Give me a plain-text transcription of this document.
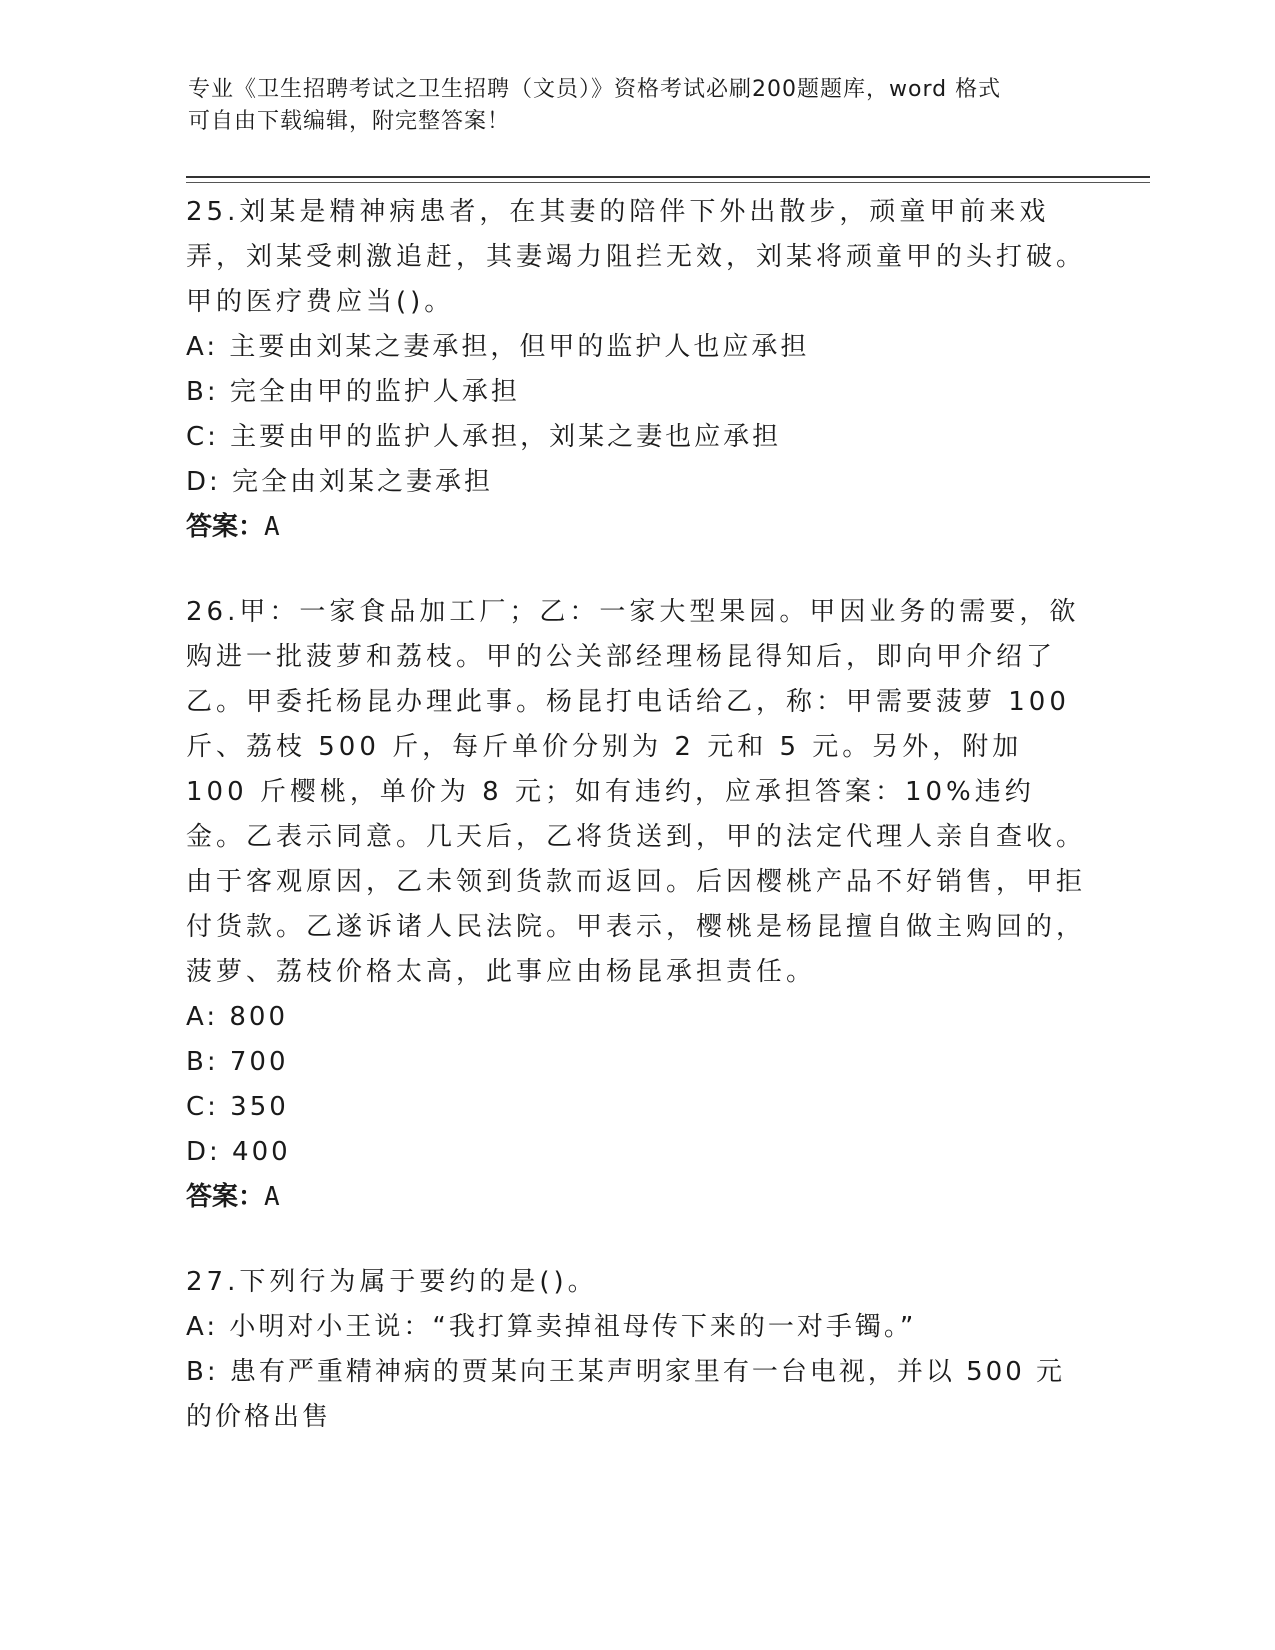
专业《卫生招聘考试之卫生招聘（文员）》资格考试必刷200题题库，word 格式
可自由下载编辑，附完整答案！

25.刘某是精神病患者，在其妻的陪伴下外出散步，顽童甲前来戏弄，刘某受刺激追赶，其妻竭力阻拦无效，刘某将顽童甲的头打破。甲的医疗费应当()。

A: 主要由刘某之妻承担，但甲的监护人也应承担

B: 完全由甲的监护人承担

C: 主要由甲的监护人承担，刘某之妻也应承担

D: 完全由刘某之妻承担

答案：A

26.甲：一家食品加工厂；乙：一家大型果园。甲因业务的需要，欲购进一批菠萝和荔枝。甲的公关部经理杨昆得知后，即向甲介绍了乙。甲委托杨昆办理此事。杨昆打电话给乙，称：甲需要菠萝 100 斤、荔枝 500 斤，每斤单价分别为 2 元和 5 元。另外，附加 100 斤樱桃，单价为 8 元；如有违约，应承担答案：10%违约金。乙表示同意。几天后，乙将货送到，甲的法定代理人亲自查收。由于客观原因，乙未领到货款而返回。后因樱桃产品不好销售，甲拒付货款。乙遂诉诸人民法院。甲表示，樱桃是杨昆擅自做主购回的，菠萝、荔枝价格太高，此事应由杨昆承担责任。

A: 800

B: 700

C: 350

D: 400

答案：A

27.下列行为属于要约的是()。

A: 小明对小王说：“我打算卖掉祖母传下来的一对手镯。”

B: 患有严重精神病的贾某向王某声明家里有一台电视，并以 500 元的价格出售
